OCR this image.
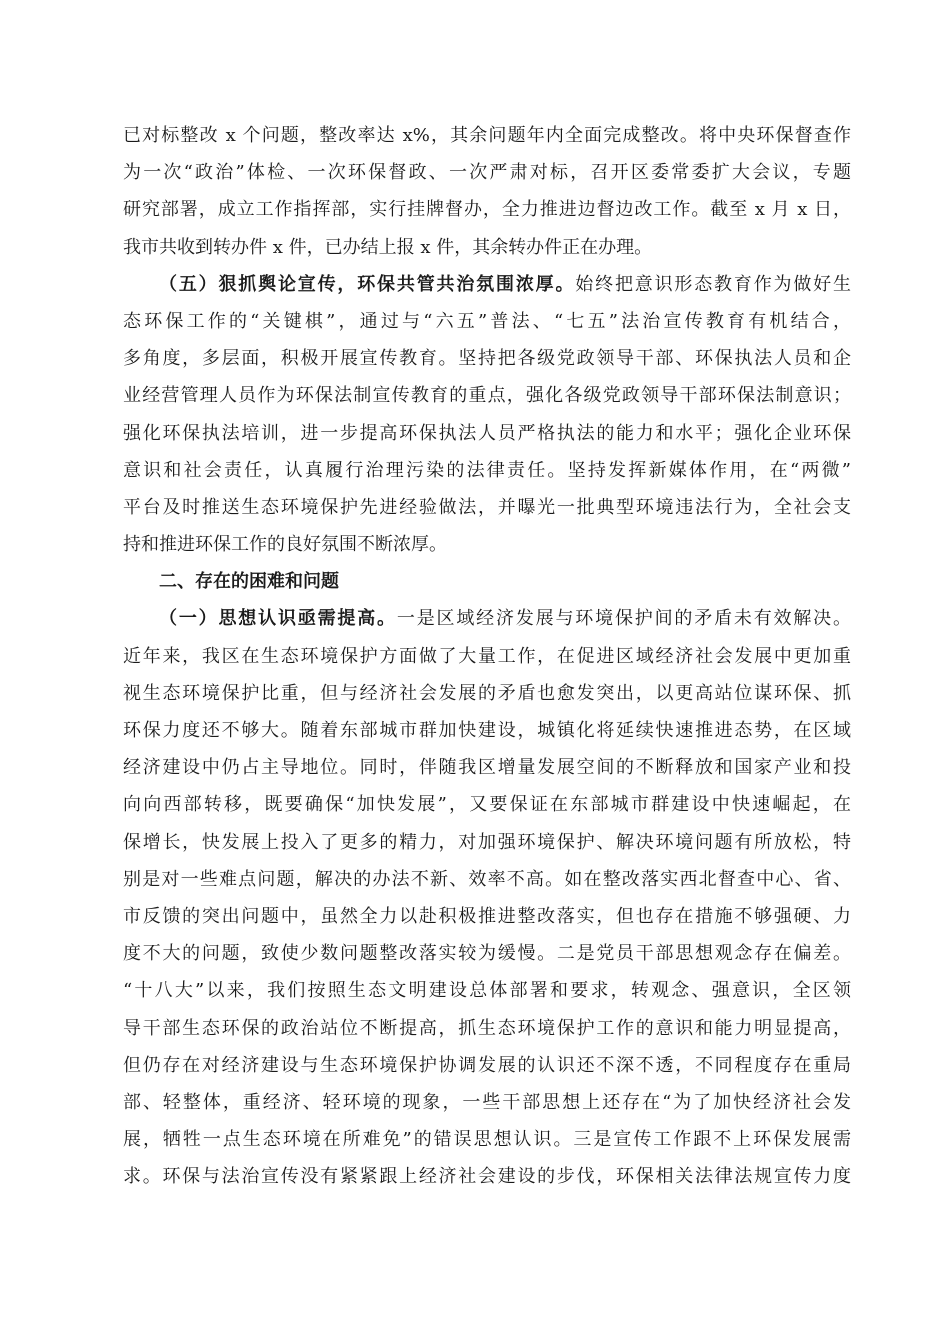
已对标整改 x 个问题，整改率达 x%，其余问题年内全面完成整改。将中央环保督查作
为一次“政治”体检、一次环保督政、一次严肃对标，召开区委常委扩大会议，专题
研究部署，成立工作指挥部，实行挂牌督办，全力推进边督边改工作。截至 x 月 x 日，
我市共收到转办件 x 件，已办结上报 x 件，其余转办件正在办理。
（五）狠抓舆论宣传，环保共管共治氛围浓厚。始终把意识形态教育作为做好生
态环保工作的“关键棋”，通过与“六五”普法、“七五”法治宣传教育有机结合，
多角度，多层面，积极开展宣传教育。坚持把各级党政领导干部、环保执法人员和企
业经营管理人员作为环保法制宣传教育的重点，强化各级党政领导干部环保法制意识；
强化环保执法培训，进一步提高环保执法人员严格执法的能力和水平；强化企业环保
意识和社会责任，认真履行治理污染的法律责任。坚持发挥新媒体作用，在“两微”
平台及时推送生态环境保护先进经验做法，并曝光一批典型环境违法行为，全社会支
持和推进环保工作的良好氛围不断浓厚。
二、存在的困难和问题
（一）思想认识亟需提高。一是区域经济发展与环境保护间的矛盾未有效解决。
近年来，我区在生态环境保护方面做了大量工作，在促进区域经济社会发展中更加重
视生态环境保护比重，但与经济社会发展的矛盾也愈发突出，以更高站位谋环保、抓
环保力度还不够大。随着东部城市群加快建设，城镇化将延续快速推进态势，在区域
经济建设中仍占主导地位。同时，伴随我区增量发展空间的不断释放和国家产业和投
向向西部转移，既要确保“加快发展”，又要保证在东部城市群建设中快速崛起，在
保增长，快发展上投入了更多的精力，对加强环境保护、解决环境问题有所放松，特
别是对一些难点问题，解决的办法不新、效率不高。如在整改落实西北督查中心、省、
市反馈的突出问题中，虽然全力以赴积极推进整改落实，但也存在措施不够强硬、力
度不大的问题，致使少数问题整改落实较为缓慢。二是党员干部思想观念存在偏差。
“十八大”以来，我们按照生态文明建设总体部署和要求，转观念、强意识，全区领
导干部生态环保的政治站位不断提高，抓生态环境保护工作的意识和能力明显提高，
但仍存在对经济建设与生态环境保护协调发展的认识还不深不透，不同程度存在重局
部、轻整体，重经济、轻环境的现象，一些干部思想上还存在“为了加快经济社会发
展，牺牲一点生态环境在所难免”的错误思想认识。三是宣传工作跟不上环保发展需
求。环保与法治宣传没有紧紧跟上经济社会建设的步伐，环保相关法律法规宣传力度
